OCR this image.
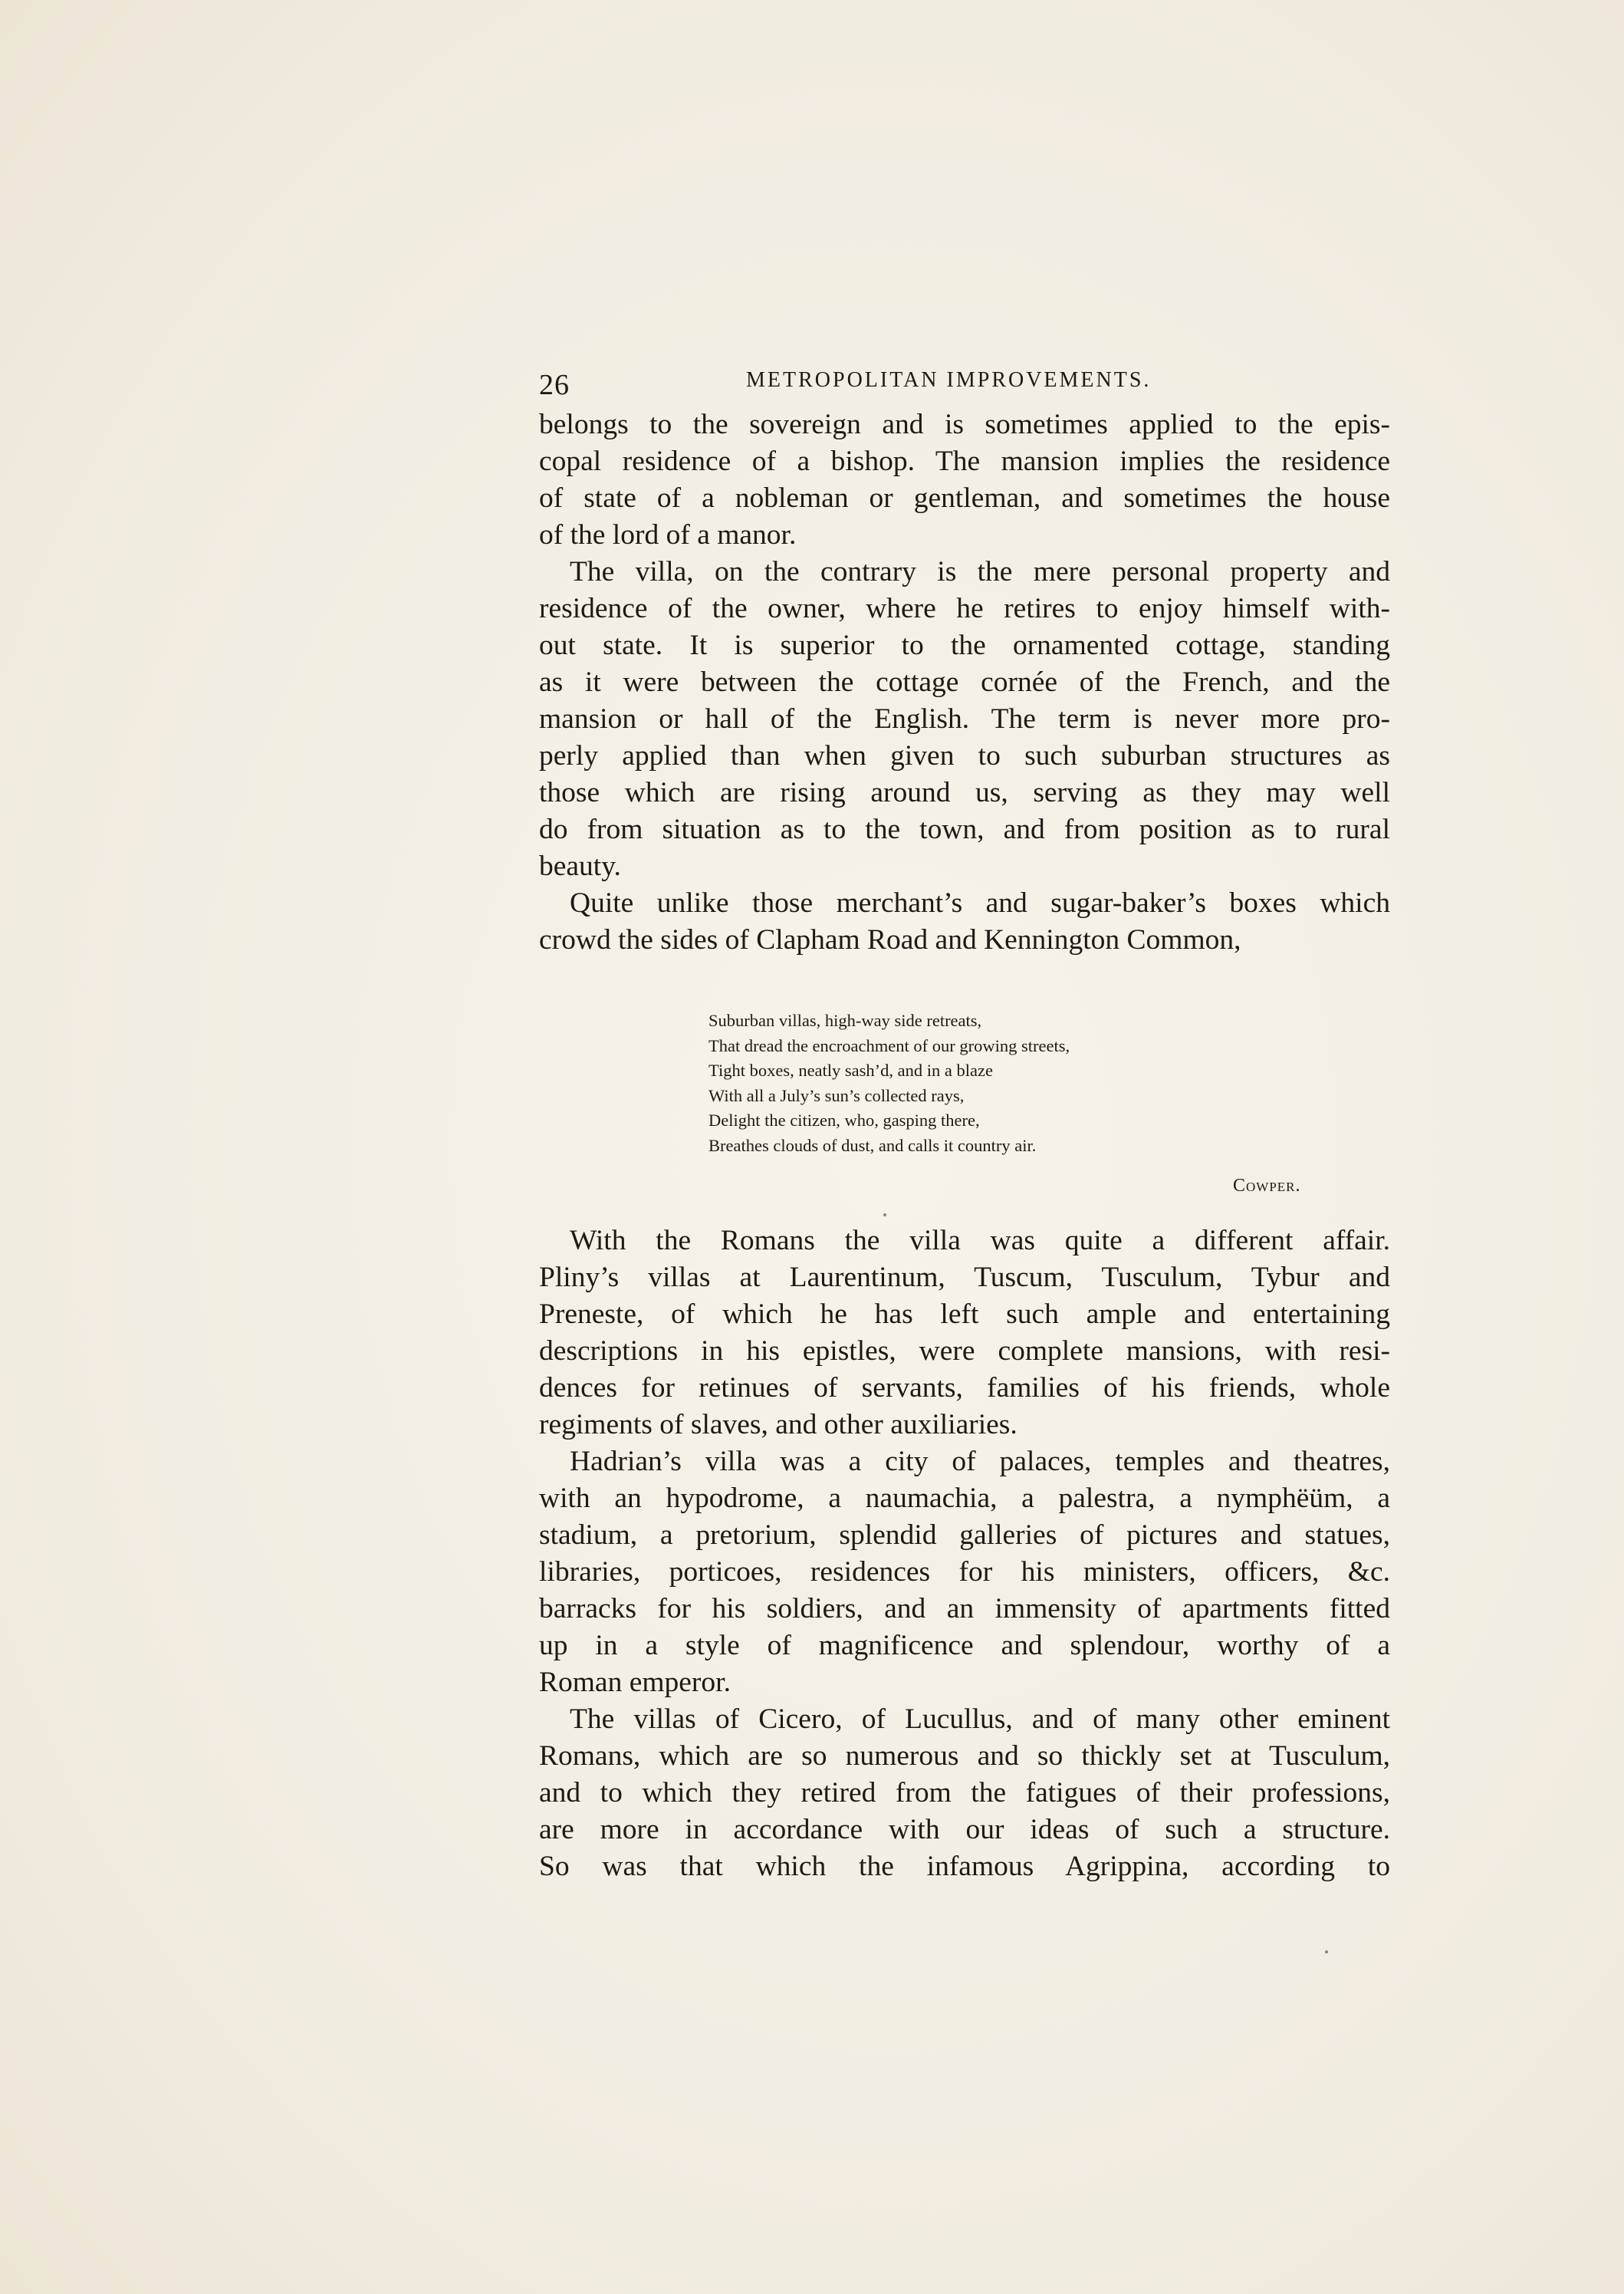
26	METROPOLITAN IMPROVEMENTS.
belongs to the sovereign and is sometimes applied to the epis-
copal residence of a bishop. The mansion implies the residence
of state of a nobleman or gentleman, and sometimes the house
of the lord of a manor.
The villa, on the contrary is the mere personal property and
residence of the owner, where he retires to enjoy himself with-
out state. It is superior to the ornamented cottage, standing
as it were between the cottage cornée of the French, and the
mansion or hall of the English. The term is never more pro-
perly applied than when given to such suburban structures as
those which are rising around us, serving as they may well
do from situation as to the town, and from position as to rural
beauty.
Quite unlike those merchant’s and sugar-baker’s boxes which
crowd the sides of Clapham Road and Kennington Common,
Suburban villas, high-way side retreats,
That dread the encroachment of our growing streets,
Tight boxes, neatly sash’d, and in a blaze
With all a July’s sun’s collected rays,
Delight the citizen, who, gasping there,
Breathes clouds of dust, and calls it country air.
Cowper.
With the Romans the villa was quite a different affair.
Pliny’s villas at Laurentinum, Tuscum, Tusculum, Tybur and
Preneste, of which he has left such ample and entertaining
descriptions in his epistles, were complete mansions, with resi-
dences for retinues of servants, families of his friends, whole
regiments of slaves, and other auxiliaries.
Hadrian’s villa was a city of palaces, temples and theatres,
with an hypodrome, a naumachia, a palestra, a nymphëüm, a
stadium, a pretorium, splendid galleries of pictures and statues,
libraries, porticoes, residences for his ministers, officers, &c.
barracks for his soldiers, and an immensity of apartments fitted
up in a style of magnificence and splendour, worthy of a
Roman emperor.
The villas of Cicero, of Lucullus, and of many other eminent
Romans, which are so numerous and so thickly set at Tusculum,
and to which they retired from the fatigues of their professions,
are more in accordance with our ideas of such a structure.
So was that which the infamous Agrippina, according to
